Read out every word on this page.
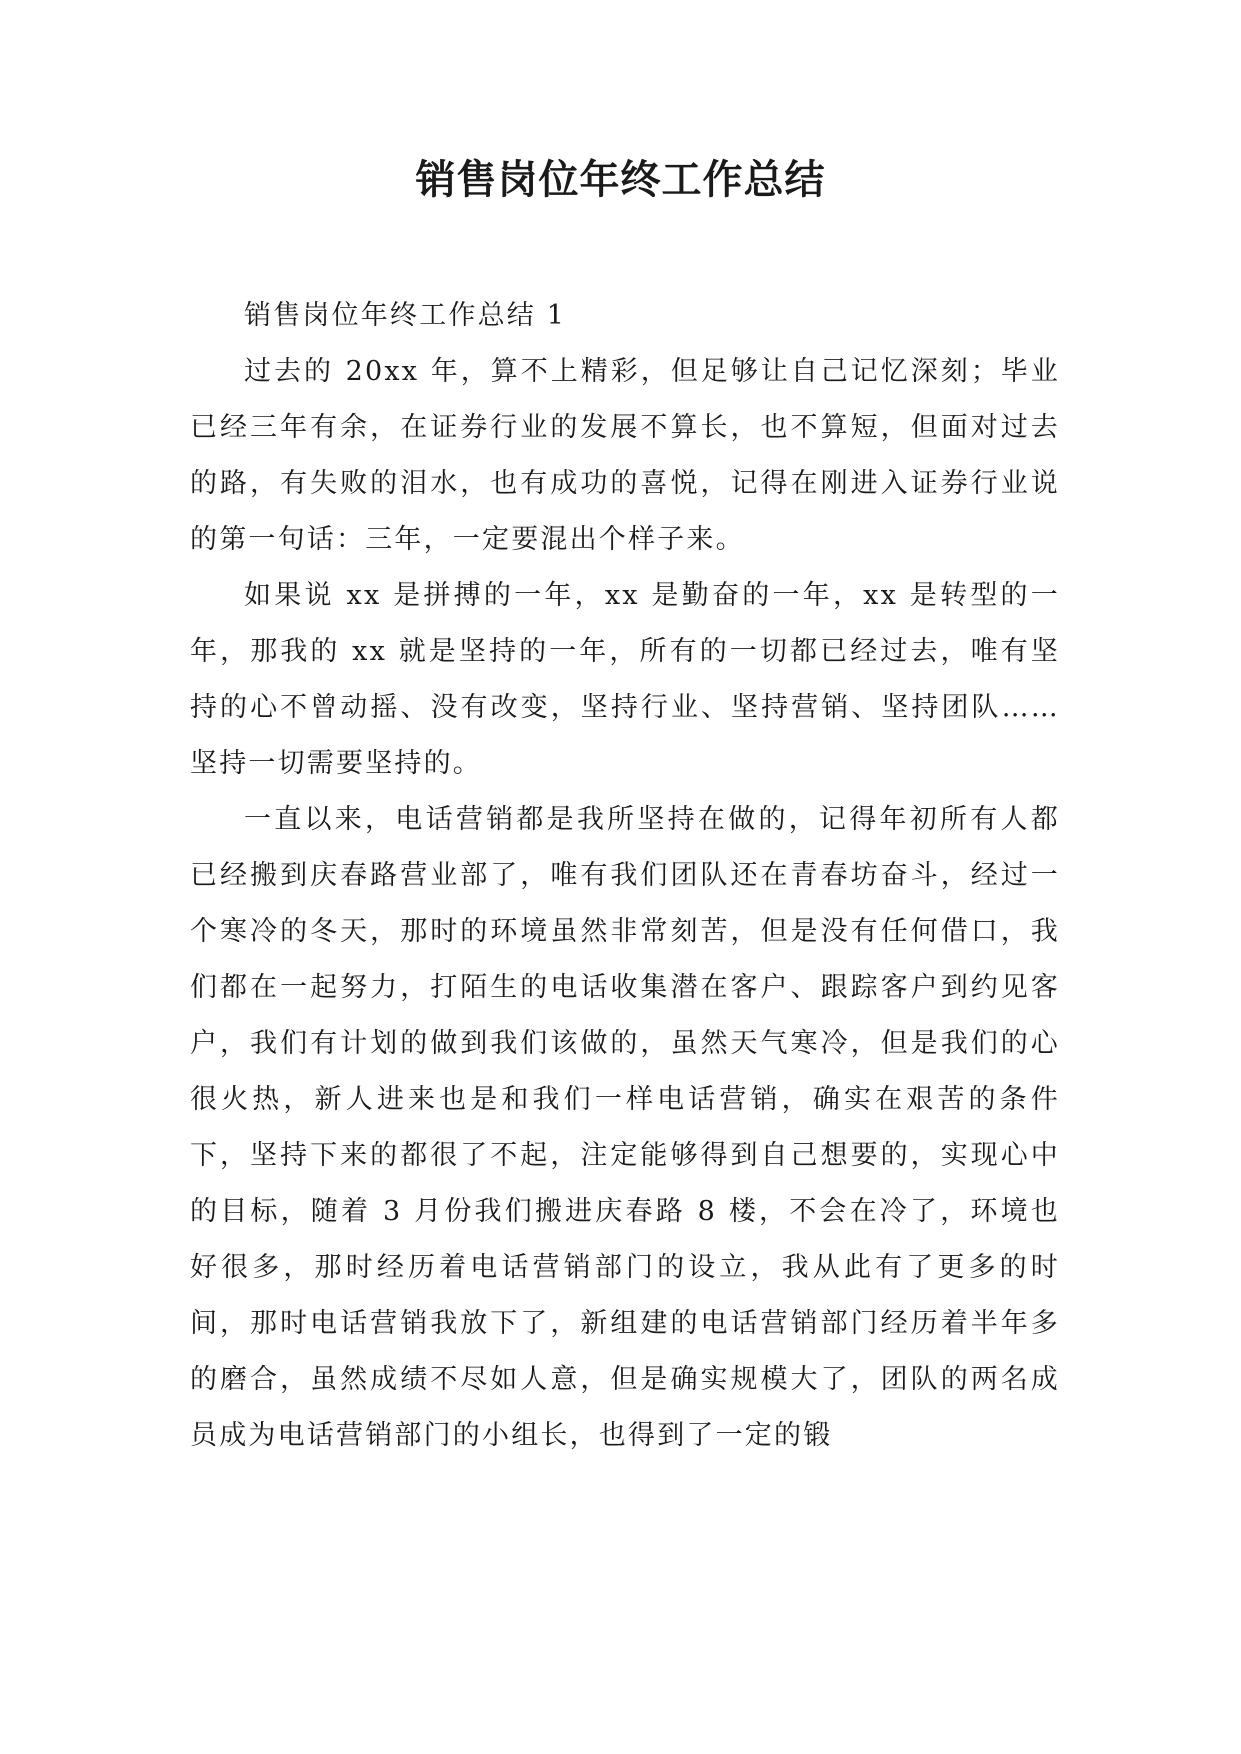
销售岗位年终工作总结

销售岗位年终工作总结 1

过去的 20xx 年，算不上精彩，但足够让自己记忆深刻；毕业已经三年有余，在证券行业的发展不算长，也不算短，但面对过去的路，有失败的泪水，也有成功的喜悦，记得在刚进入证券行业说的第一句话：三年，一定要混出个样子来。

如果说 xx 是拼搏的一年，xx 是勤奋的一年，xx 是转型的一年，那我的 xx 就是坚持的一年，所有的一切都已经过去，唯有坚持的心不曾动摇、没有改变，坚持行业、坚持营销、坚持团队……坚持一切需要坚持的。

一直以来，电话营销都是我所坚持在做的，记得年初所有人都已经搬到庆春路营业部了，唯有我们团队还在青春坊奋斗，经过一个寒冷的冬天，那时的环境虽然非常刻苦，但是没有任何借口，我们都在一起努力，打陌生的电话收集潜在客户、跟踪客户到约见客户，我们有计划的做到我们该做的，虽然天气寒冷，但是我们的心很火热，新人进来也是和我们一样电话营销，确实在艰苦的条件下，坚持下来的都很了不起，注定能够得到自己想要的，实现心中的目标，随着 3 月份我们搬进庆春路 8 楼，不会在冷了，环境也好很多，那时经历着电话营销部门的设立，我从此有了更多的时间，那时电话营销我放下了，新组建的电话营销部门经历着半年多的磨合，虽然成绩不尽如人意，但是确实规模大了，团队的两名成员成为电话营销部门的小组长，也得到了一定的锻
